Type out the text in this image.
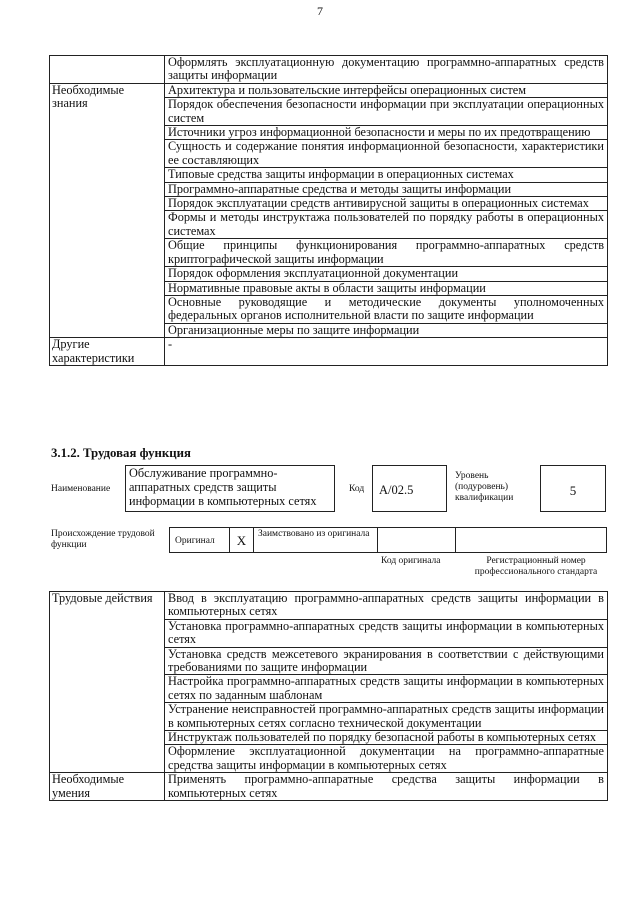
7
	Оформлять эксплуатационную документацию программно-аппаратных средств защиты информации
Необходимые знания	Архитектура и пользовательские интерфейсы операционных систем
	Порядок обеспечения безопасности информации при эксплуатации операционных систем
	Источники угроз информационной безопасности и меры по их предотвращению
	Сущность и содержание понятия информационной безопасности, характеристики ее составляющих
	Типовые средства защиты информации в операционных системах
	Программно-аппаратные средства и методы защиты информации
	Порядок эксплуатации средств антивирусной защиты в операционных системах
	Формы и методы инструктажа пользователей по порядку работы в операционных системах
	Общие принципы функционирования программно-аппаратных средств криптографической защиты информации
	Порядок оформления эксплуатационной документации
	Нормативные правовые акты в области защиты информации
	Основные руководящие и методические документы уполномоченных федеральных органов исполнительной власти по защите информации
	Организационные меры по защите информации
Другие характеристики	-
3.1.2. Трудовая функция
Наименование
Обслуживание программно-аппаратных средств защиты информации в компьютерных сетях
Код	А/02.5
Уровень (подуровень) квалификации	5
Происхождение трудовой функции	Оригинал	X	Заимствовано из оригинала
Код оригинала	Регистрационный номер профессионального стандарта
Трудовые действия	Ввод в эксплуатацию программно-аппаратных средств защиты информации в компьютерных сетях
	Установка программно-аппаратных средств защиты информации в компьютерных сетях
	Установка средств межсетевого экранирования в соответствии с действующими требованиями по защите информации
	Настройка программно-аппаратных средств защиты информации в компьютерных сетях по заданным шаблонам
	Устранение неисправностей программно-аппаратных средств защиты информации в компьютерных сетях согласно технической документации
	Инструктаж пользователей по порядку безопасной работы в компьютерных сетях
	Оформление эксплуатационной документации на программно-аппаратные средства защиты информации в компьютерных сетях
Необходимые умения	Применять программно-аппаратные средства защиты информации в компьютерных сетях
